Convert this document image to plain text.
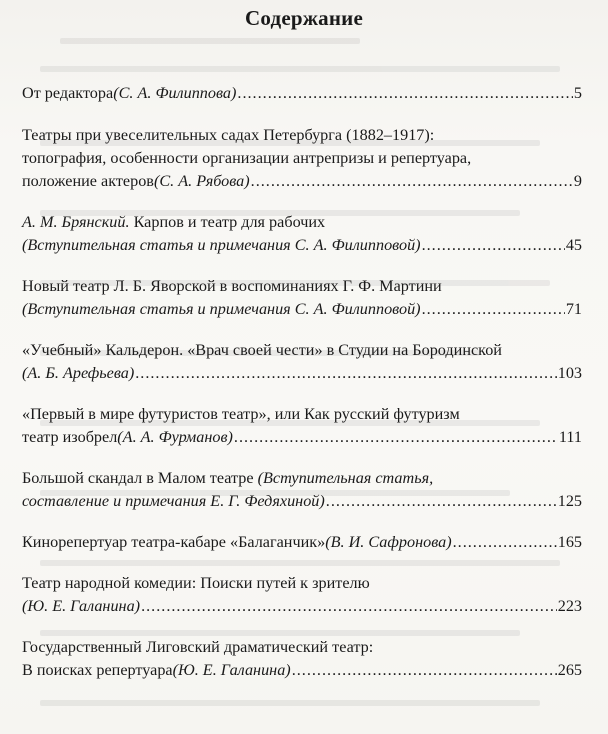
Содержание
От редактора (С. А. Филиппова) .....	5
Театры при увеселительных садах Петербурга (1882–1917):
топография, особенности организации антрепризы и репертуара,
положение актеров (С. А. Рябова) .....	9
А. М. Брянский. Карпов и театр для рабочих
(Вступительная статья и примечания С. А. Филипповой) .....	45
Новый театр Л. Б. Яворской в воспоминаниях Г. Ф. Мартини
(Вступительная статья и примечания С. А. Филипповой) .....	71
«Учебный» Кальдерон. «Врач своей чести» в Студии на Бородинской
(А. Б. Арефьева) .....	103
«Первый в мире футуристов театр», или Как русский футуризм
театр изобрел (А. А. Фурманов) .....	111
Большой скандал в Малом театре (Вступительная статья,
составление и примечания Е. Г. Федяхиной) .....	125
Кинорепертуар театра-кабаре «Балаганчик» (В. И. Сафронова) .....	165
Театр народной комедии: Поиски путей к зрителю
(Ю. Е. Галанина) .....	223
Государственный Лиговский драматический театр:
В поисках репертуара (Ю. Е. Галанина) .....	265
